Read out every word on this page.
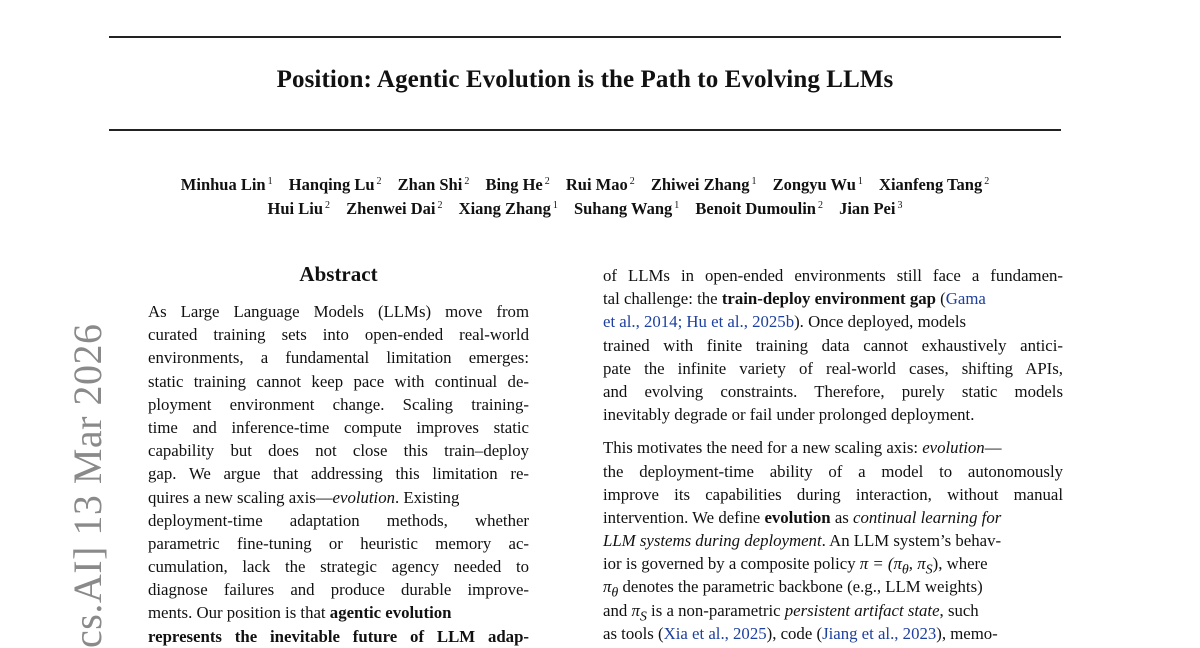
Position: Agentic Evolution is the Path to Evolving LLMs
Minhua Lin $^1$ Hanqing Lu $^2$ Zhan Shi $^2$ Bing He $^2$ Rui Mao $^2$ Zhiwei Zhang $^1$ Zongyu Wu $^1$ Xianfeng Tang $^2$
Hui Liu $^2$ Zhenwei Dai $^2$ Xiang Zhang $^1$ Suhang Wang $^1$ Benoit Dumoulin $^2$ Jian Pei $^3$
cs.AI] 13 Mar 2026
Abstract
As Large Language Models (LLMs) move from
curated training sets into open-ended real-world
environments, a fundamental limitation emerges:
static training cannot keep pace with continual de-
ployment environment change. Scaling training-
time and inference-time compute improves static
capability but does not close this train–deploy
gap. We argue that addressing this limitation re-
quires a new scaling axis—evolution. Existing
deployment-time adaptation methods, whether
parametric fine-tuning or heuristic memory ac-
cumulation, lack the strategic agency needed to
diagnose failures and produce durable improve-
ments. Our position is that agentic evolution
represents the inevitable future of LLM adap-
of LLMs in open-ended environments still face a fundamen-
tal challenge: the train-deploy environment gap (Gama
et al., 2014; Hu et al., 2025b). Once deployed, models
trained with finite training data cannot exhaustively antici-
pate the infinite variety of real-world cases, shifting APIs,
and evolving constraints. Therefore, purely static models
inevitably degrade or fail under prolonged deployment.
This motivates the need for a new scaling axis: evolution—
the deployment-time ability of a model to autonomously
improve its capabilities during interaction, without manual
intervention. We define evolution as continual learning for
LLM systems during deployment. An LLM system’s behav-
ior is governed by a composite policy $\pi = (\pi_\theta$, $\pi_S$), where
$\pi_\theta$ denotes the parametric backbone (e.g., LLM weights)
and $\pi_S$ is a non-parametric persistent artifact state, such
as tools (Xia et al., 2025), code (Jiang et al., 2023), memo-
